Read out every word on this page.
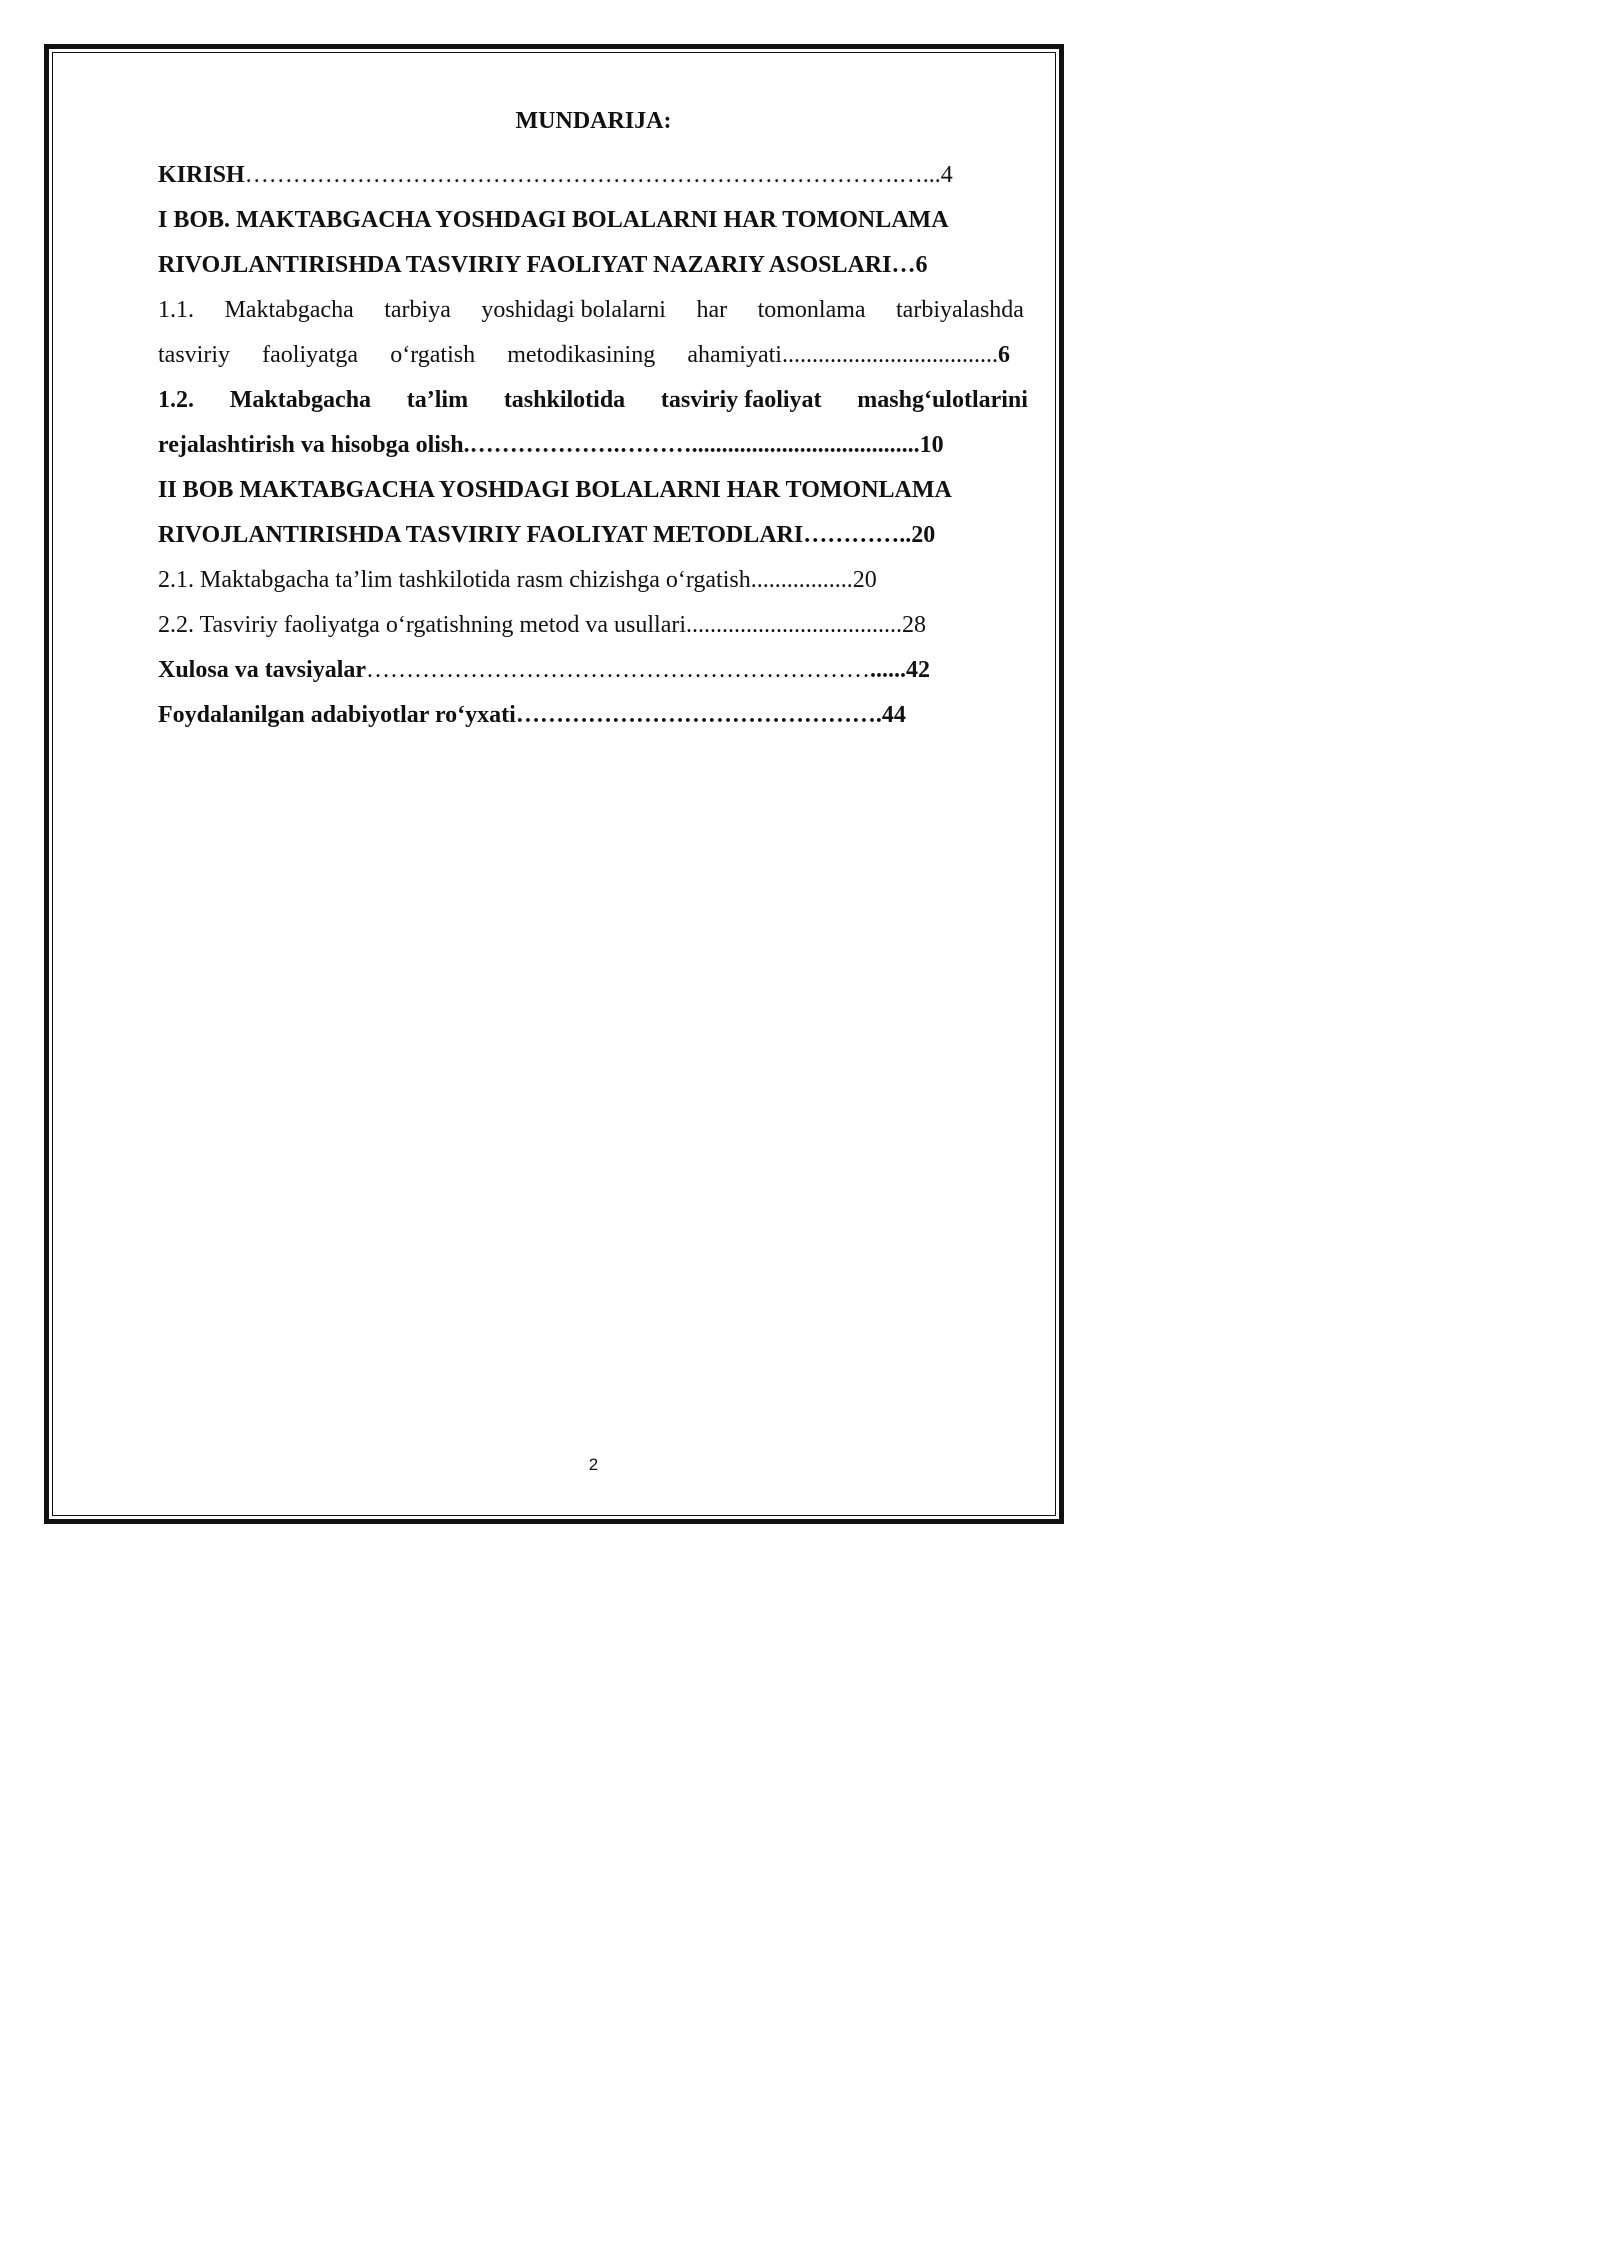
MUNDARIJA:
KIRISH……………………………………………………………………….…...4
I BOB. MAKTABGACHA YOSHDAGI BOLALARNI HAR TOMONLAMA
RIVOJLANTIRISHDA TASVIRIY FAOLIYAT NAZARIY ASOSLARI…6
1.1. Maktabgacha tarbiya yoshidagi bolalarni har tomonlama tarbiyalashda
tasviriy faoliyatga o‘rgatish metodikasining ahamiyati....................................6
1.2. Maktabgacha ta’lim tashkilotida tasviriy faoliyat mashg‘ulotlarini
rejalashtirish va hisobga olish.……………….………......................................10
II BOB MAKTABGACHA YOSHDAGI BOLALARNI HAR TOMONLAMA
RIVOJLANTIRISHDA TASVIRIY FAOLIYAT METODLARI…………..20
2.1. Maktabgacha ta’lim tashkilotida rasm chizishga o‘rgatish.................20
2.2. Tasviriy faoliyatga o‘rgatishning metod va usullari....................................28
Xulosa va tavsiyalar………………………………………………………......42
Foydalanilgan adabiyotlar ro‘yxati……………………………………….44
2
